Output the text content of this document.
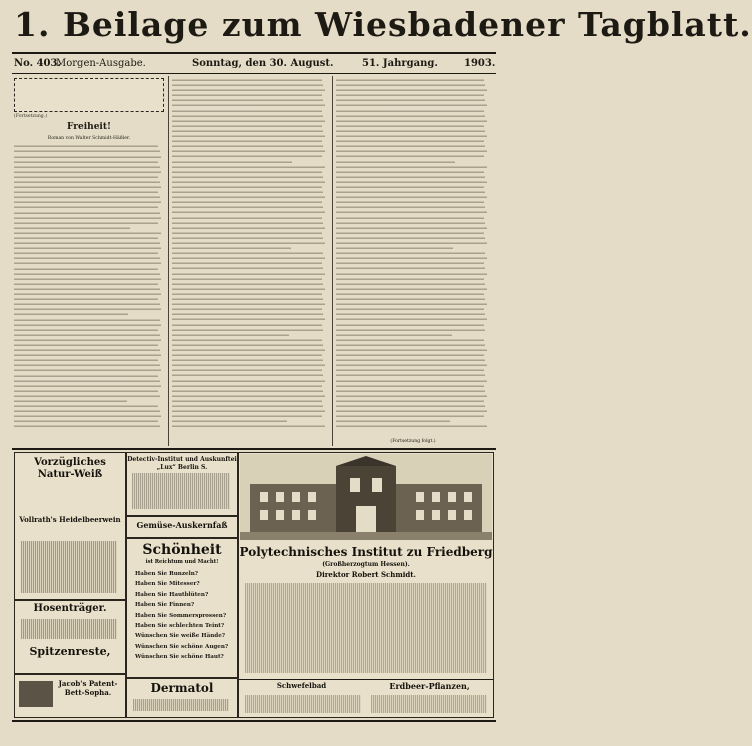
1. Beilage zum Wiesbadener Tagblatt.
No. 403.
Morgen-Ausgabe.	Sonntag, den 30. August.	51. Jahrgang.	1903.
(Fortsetzung.)
Freiheit!
Roman von Walter Schmidt-Häßler.
(Fortsetzung folgt.)
Vorzügliches Natur-Weiß
Vollrath's Heidelbeerwein
Hosenträger.
Spitzenreste,
Jacob's Patent-Bett-Sopha.
Detectiv-Institut und Auskunftei „Lux“ Berlin S.
Gemüse-Auskernfaß
Schönheit
ist Reichtum und Macht!
Haben Sie Runzeln?
Haben Sie Mitesser?
Haben Sie Hautblüten?
Haben Sie Finnen?
Haben Sie Sommersprossen?
Haben Sie schlechten Teint?
Wünschen Sie weiße Hände?
Wünschen Sie schöne Augen?
Wünschen Sie schöne Haut?
Dermatol
Polytechnisches Institut zu Friedberg
(Großherzogtum Hessen).
Direktor Robert Schmidt.
Schwefelbad	Erdbeer-Pflanzen,
